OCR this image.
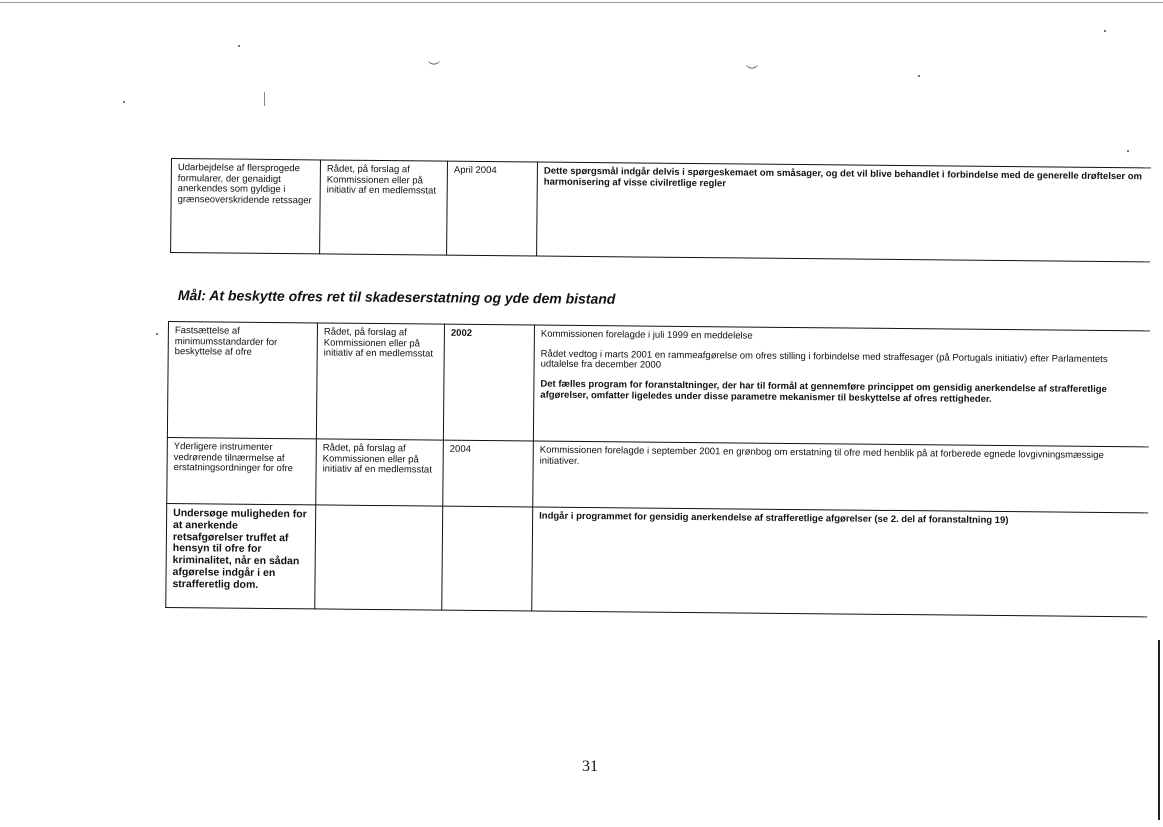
︶	︶
Udarbejdelse af flersprogede formularer, der genaidigt anerkendes som gyldige i grænseoverskridende retssager	Rådet, på forslag af Kommissionen eller på initiativ af en medlemsstat	April 2004	Dette spørgsmål indgår delvis i spørgeskemaet om småsager, og det vil blive behandlet i forbindelse med de generelle drøftelser om harmonisering af visse civilretlige regler
Mål: At beskytte ofres ret til skadeserstatning og yde dem bistand
Fastsættelse af minimumsstandarder for beskyttelse af ofre	Rådet, på forslag af Kommissionen eller på initiativ af en medlemsstat	2002	Kommissionen forelagde i juli 1999 en meddelelse
Rådet vedtog i marts 2001 en rammeafgørelse om ofres stilling i forbindelse med straffesager (på Portugals initiativ) efter Parlamentets udtalelse fra december 2000
Det fælles program for foranstaltninger, der har til formål at gennemføre princippet om gensidig anerkendelse af strafferetlige afgørelser, omfatter ligeledes under disse parametre mekanismer til beskyttelse af ofres rettigheder.

Yderligere instrumenter vedrørende tilnærmelse af erstatningsordninger for ofre	Rådet, på forslag af Kommissionen eller på initiativ af en medlemsstat	2004	Kommissionen forelagde i september 2001 en grønbog om erstatning til ofre med henblik på at forberede egnede lovgivningsmæssige initiativer.

Undersøge muligheden for at anerkende retsafgørelser truffet af hensyn til ofre for kriminalitet, når en sådan afgørelse indgår i en strafferetlig dom.			Indgår i programmet for gensidig anerkendelse af strafferetlige afgørelser (se 2. del af foranstaltning 19)
31
